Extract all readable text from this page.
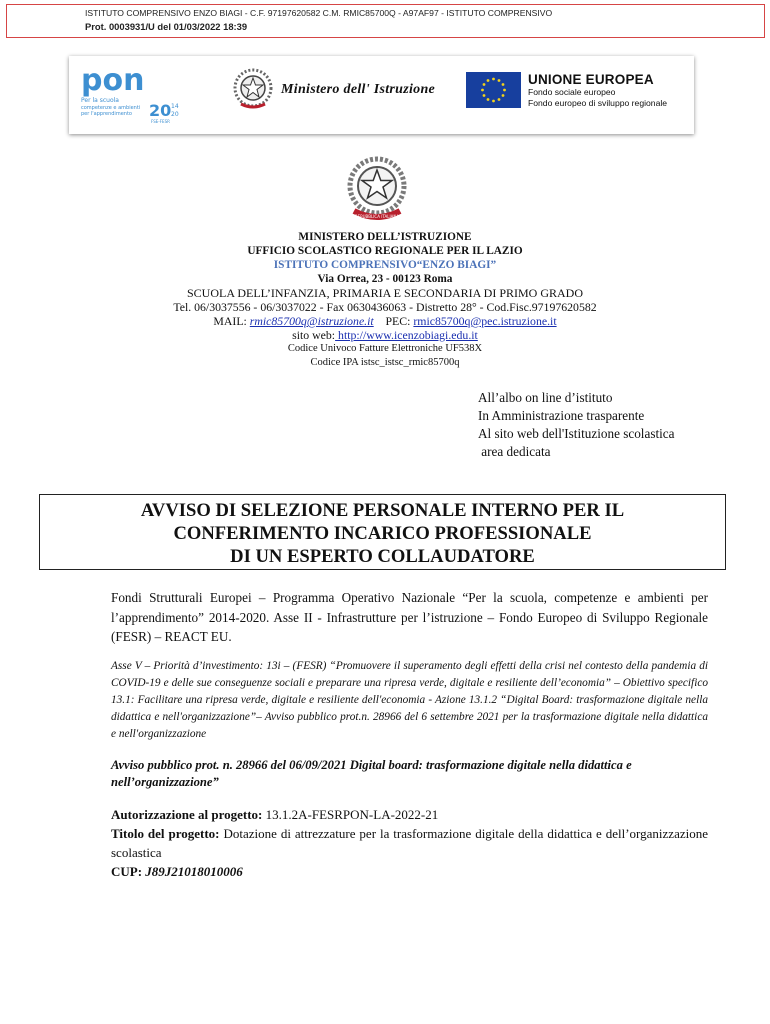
ISTITUTO COMPRENSIVO ENZO BIAGI - C.F. 97197620582 C.M. RMIC85700Q - A97AF97 - ISTITUTO COMPRENSIVO
Prot. 0003931/U del 01/03/2022 18:39
pon
Per la scuola
competenze e ambienti
per l'apprendimento 20 14
20
FSE-FESR
Ministero dell' Istruzione
UNIONE EUROPEA
Fondo sociale europeo
Fondo europeo di sviluppo regionale
REPUBBLICA ITALIANA
MINISTERO DELL’ISTRUZIONE
UFFICIO SCOLASTICO REGIONALE PER IL LAZIO
ISTITUTO COMPRENSIVO“ENZO BIAGI”
Via Orrea, 23 - 00123 Roma
SCUOLA DELL’INFANZIA, PRIMARIA E SECONDARIA DI PRIMO GRADO
Tel. 06/3037556 - 06/3037022 - Fax 0630436063 - Distretto 28° - Cod.Fisc.97197620582
MAIL: rmic85700q@istruzione.it PEC: rmic85700q@pec.istruzione.it
sito web: http://www.icenzobiagi.edu.it
Codice Univoco Fatture Elettroniche UF538X
Codice IPA istsc_istsc_rmic85700q
All’albo on line d’istituto
In Amministrazione trasparente
Al sito web dell'Istituzione scolastica
area dedicata
AVVISO DI SELEZIONE PERSONALE INTERNO PER IL
CONFERIMENTO INCARICO PROFESSIONALE
DI UN ESPERTO COLLAUDATORE
Fondi Strutturali Europei – Programma Operativo Nazionale “Per la scuola, competenze e ambienti per l’apprendimento” 2014-2020. Asse II - Infrastrutture per l’istruzione – Fondo Europeo di Sviluppo Regionale (FESR) – REACT EU.
Asse V – Priorità d’investimento: 13i – (FESR) “Promuovere il superamento degli effetti della crisi nel contesto della pandemia di COVID-19 e delle sue conseguenze sociali e preparare una ripresa verde, digitale e resiliente dell’economia” – Obiettivo specifico 13.1: Facilitare una ripresa verde, digitale e resiliente dell'economia - Azione 13.1.2 “Digital Board: trasformazione digitale nella didattica e nell'organizzazione”– Avviso pubblico prot.n. 28966 del 6 settembre 2021 per la trasformazione digitale nella didattica e nell'organizzazione
Avviso pubblico prot. n. 28966 del 06/09/2021 Digital board: trasformazione digitale nella didattica e nell’organizzazione”
Autorizzazione al progetto: 13.1.2A-FESRPON-LA-2022-21
Titolo del progetto: Dotazione di attrezzature per la trasformazione digitale della didattica e dell’organizzazione scolastica
CUP: J89J21018010006
